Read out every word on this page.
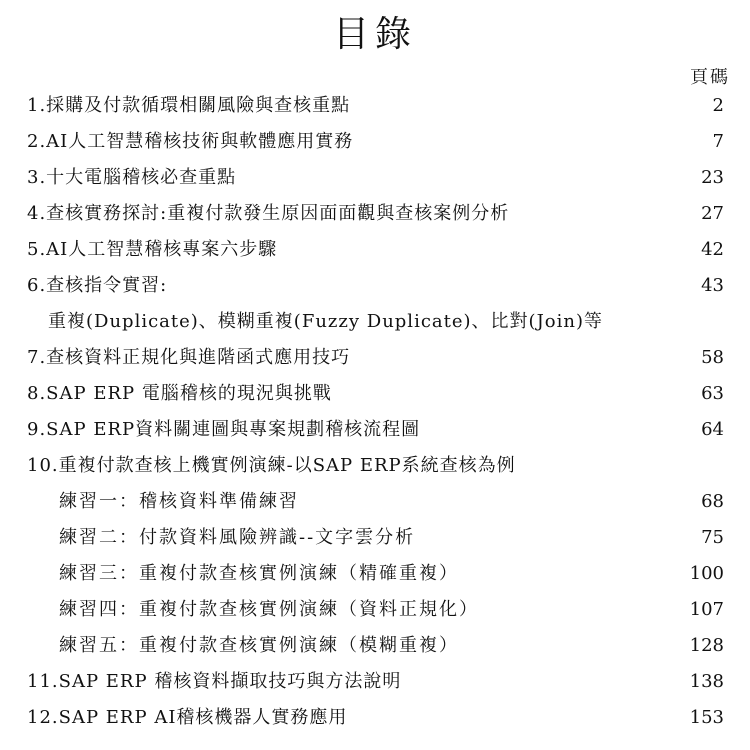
目錄
頁碼
1.採購及付款循環相關風險與查核重點	2
2.AI人工智慧稽核技術與軟體應用實務	7
3.十大電腦稽核必查重點	23
4.查核實務探討:重複付款發生原因面面觀與查核案例分析	27
5.AI人工智慧稽核專案六步驟	42
6.查核指令實習:	43
重複(Duplicate)、模糊重複(Fuzzy Duplicate)、比對(Join)等
7.查核資料正規化與進階函式應用技巧	58
8.SAP ERP 電腦稽核的現況與挑戰	63
9.SAP ERP資料關連圖與專案規劃稽核流程圖	64
10.重複付款查核上機實例演練-以SAP ERP系統查核為例
練習一：稽核資料準備練習	68
練習二：付款資料風險辨識--文字雲分析	75
練習三：重複付款查核實例演練（精確重複）	100
練習四：重複付款查核實例演練（資料正規化）	107
練習五：重複付款查核實例演練（模糊重複）	128
11.SAP ERP 稽核資料擷取技巧與方法說明	138
12.SAP ERP AI稽核機器人實務應用	153
